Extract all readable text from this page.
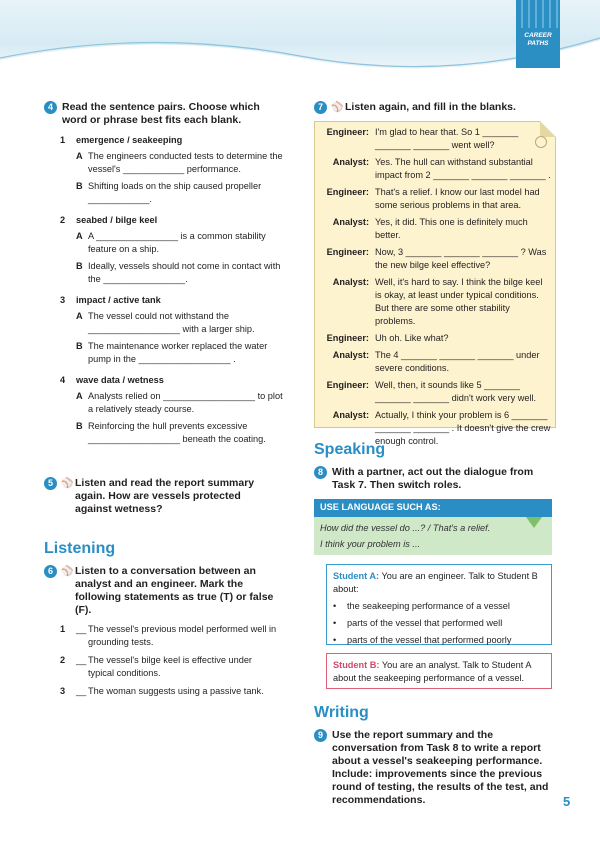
CAREER
PATHS
4 Read the sentence pairs. Choose which word or phrase best fits each blank.
1 emergence / seakeeping
A The engineers conducted tests to determine the vessel's ____________ performance.
B Shifting loads on the ship caused propeller ____________.
2 seabed / bilge keel
A A ________________ is a common stability feature on a ship.
B Ideally, vessels should not come in contact with the ________________.
3 impact / active tank
A The vessel could not withstand the __________________ with a larger ship.
B The maintenance worker replaced the water pump in the __________________ .
4 wave data / wetness
A Analysts relied on __________________ to plot a relatively steady course.
B Reinforcing the hull prevents excessive __________________ beneath the coating.
5 ⚾ Listen and read the report summary again. How are vessels protected against wetness?
Listening
6 ⚾ Listen to a conversation between an analyst and an engineer. Mark the following statements as true (T) or false (F).
1	__ The vessel's previous model performed well in grounding tests.
2	__ The vessel's bilge keel is effective under typical conditions.
3	__ The woman suggests using a passive tank.
7 ⚾ Listen again, and fill in the blanks.
Engineer: I'm glad to hear that. So 1 _______ _______ _______ went well?
Analyst: Yes. The hull can withstand substantial impact from 2 _______ _______ _______ .
Engineer: That's a relief. I know our last model had some serious problems in that area.
Analyst: Yes, it did. This one is definitely much better.
Engineer: Now, 3 _______ _______ _______ ? Was the new bilge keel effective?
Analyst: Well, it's hard to say. I think the bilge keel is okay, at least under typical conditions. But there are some other stability problems.
Engineer: Uh oh. Like what?
Analyst: The 4 _______ _______ _______ under severe conditions.
Engineer: Well, then, it sounds like 5 _______ _______ _______ didn't work very well.
Analyst: Actually, I think your problem is 6 _______ _______ _______ . It doesn't give the crew enough control.
Speaking
8 With a partner, act out the dialogue from Task 7. Then switch roles.
USE LANGUAGE SUCH AS:
How did the vessel do ...? / That's a relief.
I think your problem is ...
Student A: You are an engineer. Talk to Student B about:
• the seakeeping performance of a vessel
• parts of the vessel that performed well
• parts of the vessel that performed poorly
Student B: You are an analyst. Talk to Student A about the seakeeping performance of a vessel.
Writing
9 Use the report summary and the conversation from Task 8 to write a report about a vessel's seakeeping performance. Include: improvements since the previous round of testing, the results of the test, and recommendations.	5
